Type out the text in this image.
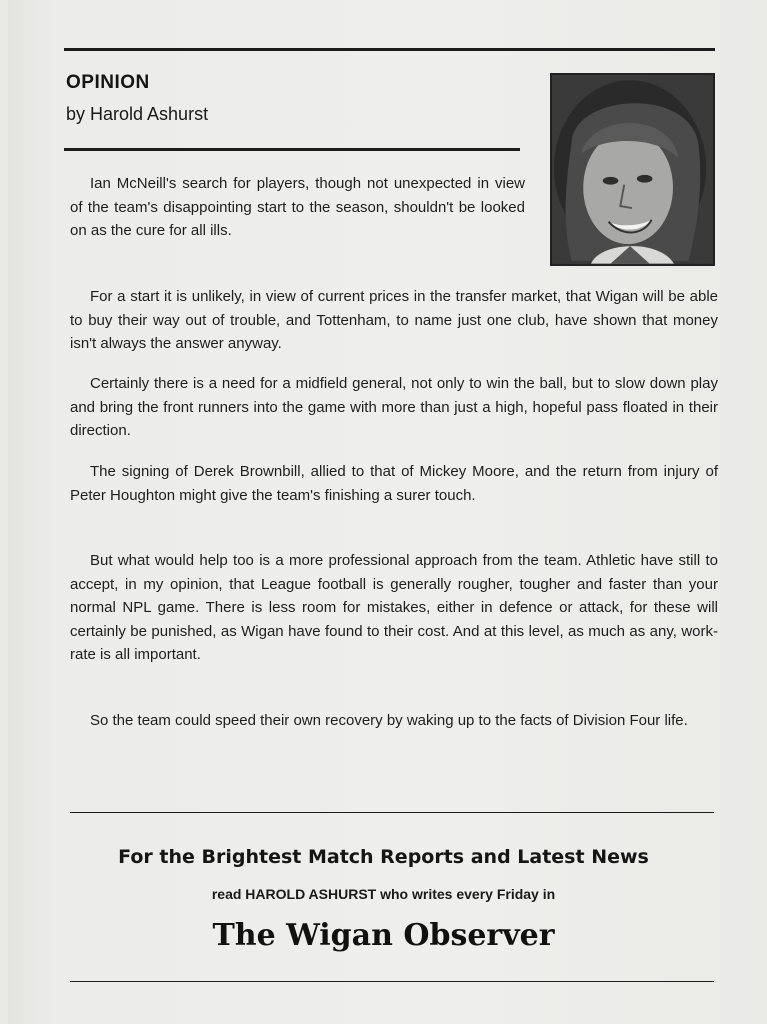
OPINION
by Harold Ashurst

Ian McNeill's search for players, though not unexpected in view of the team's disappointing start to the season, shouldn't be looked on as the cure for all ills.

For a start it is unlikely, in view of current prices in the transfer market, that Wigan will be able to buy their way out of trouble, and Tottenham, to name just one club, have shown that money isn't always the answer anyway.

Certainly there is a need for a midfield general, not only to win the ball, but to slow down play and bring the front runners into the game with more than just a high, hopeful pass floated in their direction.

The signing of Derek Brownbill, allied to that of Mickey Moore, and the return from injury of Peter Houghton might give the team's finishing a surer touch.

But what would help too is a more professional approach from the team. Athletic have still to accept, in my opinion, that League football is generally rougher, tougher and faster than your normal NPL game. There is less room for mistakes, either in defence or attack, for these will certainly be punished, as Wigan have found to their cost. And at this level, as much as any, work-rate is all important.

So the team could speed their own recovery by waking up to the facts of Division Four life.

For the Brightest Match Reports and Latest News
read HAROLD ASHURST who writes every Friday in
The Wigan Observer
